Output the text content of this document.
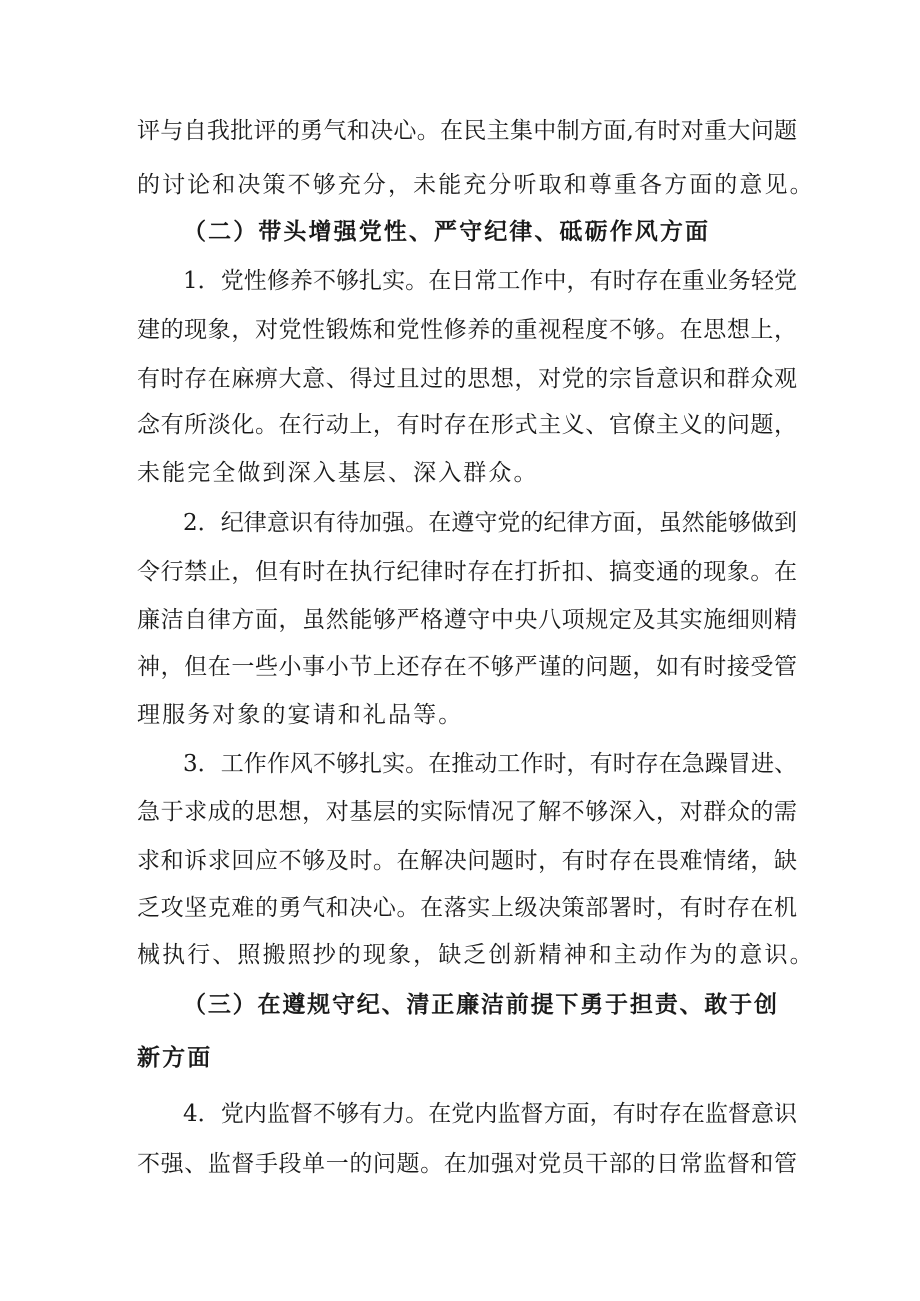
评与自我批评的勇气和决心。在民主集中制方面,有时对重大问题
的讨论和决策不够充分，未能充分听取和尊重各方面的意见。
（二）带头增强党性、严守纪律、砥砺作风方面
1．党性修养不够扎实。在日常工作中，有时存在重业务轻党
建的现象，对党性锻炼和党性修养的重视程度不够。在思想上，
有时存在麻痹大意、得过且过的思想，对党的宗旨意识和群众观
念有所淡化。在行动上，有时存在形式主义、官僚主义的问题，
未能完全做到深入基层、深入群众。
2．纪律意识有待加强。在遵守党的纪律方面，虽然能够做到
令行禁止，但有时在执行纪律时存在打折扣、搞变通的现象。在
廉洁自律方面，虽然能够严格遵守中央八项规定及其实施细则精
神，但在一些小事小节上还存在不够严谨的问题，如有时接受管
理服务对象的宴请和礼品等。
3．工作作风不够扎实。在推动工作时，有时存在急躁冒进、
急于求成的思想，对基层的实际情况了解不够深入，对群众的需
求和诉求回应不够及时。在解决问题时，有时存在畏难情绪，缺
乏攻坚克难的勇气和决心。在落实上级决策部署时，有时存在机
械执行、照搬照抄的现象，缺乏创新精神和主动作为的意识。
（三）在遵规守纪、清正廉洁前提下勇于担责、敢于创
新方面
4．党内监督不够有力。在党内监督方面，有时存在监督意识
不强、监督手段单一的问题。在加强对党员干部的日常监督和管
